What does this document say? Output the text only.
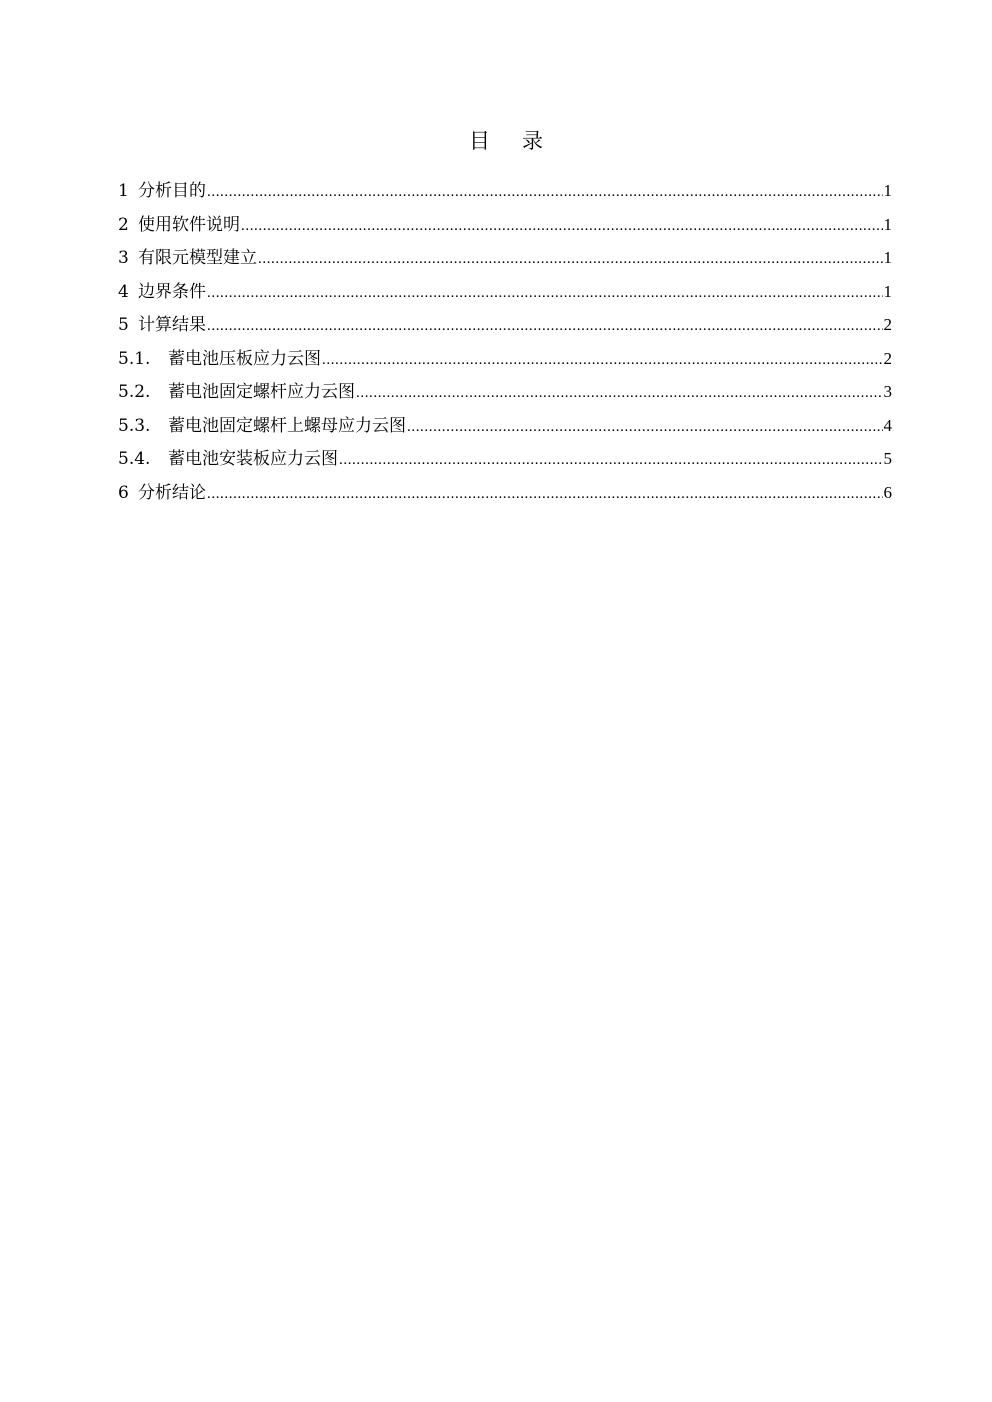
目 录
1 分析目的 .....	1
2 使用软件说明 .....	1
3 有限元模型建立 .....	1
4 边界条件 .....	1
5 计算结果 .....	2
5.1.	蓄电池压板应力云图 .....	2
5.2.	蓄电池固定螺杆应力云图 .....	3
5.3.	蓄电池固定螺杆上螺母应力云图 .....	4
5.4.	蓄电池安装板应力云图 .....	5
6 分析结论 .....	6
